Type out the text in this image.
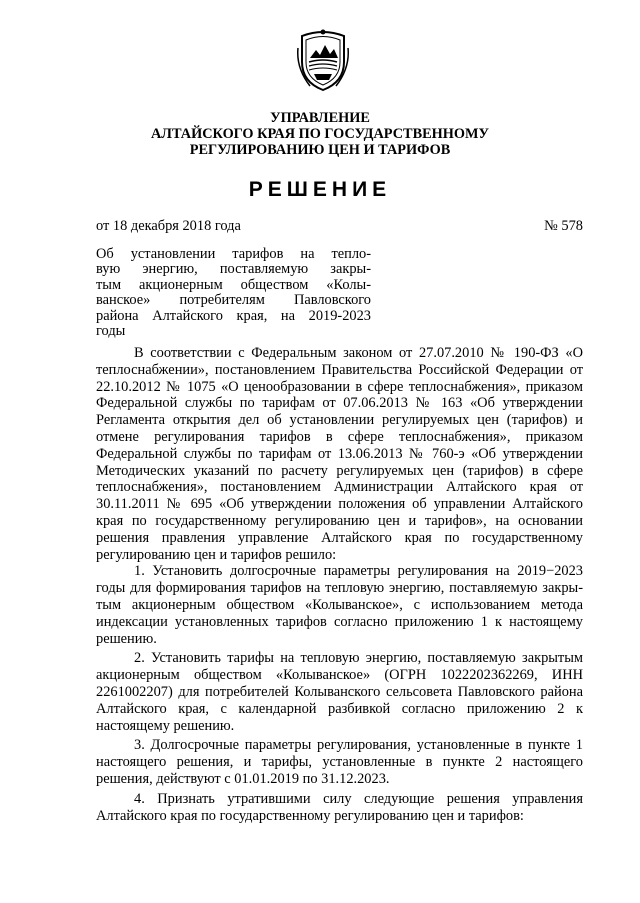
УПРАВЛЕНИЕ
АЛТАЙСКОГО КРАЯ ПО ГОСУДАРСТВЕННОМУ
РЕГУЛИРОВАНИЮ ЦЕН И ТАРИФОВ
РЕШЕНИЕ
от 18 декабря 2018 года	№ 578
Об установлении тарифов на тепло-
вую энергию, поставляемую закры-
тым акционерным обществом «Колы-
ванское» потребителям Павловского
района Алтайского края, на 2019-2023
годы
В соответствии с Федеральным законом от 27.07.2010 № 190-ФЗ «О
теплоснабжении», постановлением Правительства Российской Федерации от
22.10.2012 № 1075 «О ценообразовании в сфере теплоснабжения», приказом
Федеральной службы по тарифам от 07.06.2013 № 163 «Об утверждении
Регламента открытия дел об установлении регулируемых цен (тарифов) и
отмене регулирования тарифов в сфере теплоснабжения», приказом
Федеральной службы по тарифам от 13.06.2013 № 760-э «Об утверждении
Методических указаний по расчету регулируемых цен (тарифов) в сфере
теплоснабжения», постановлением Администрации Алтайского края от
30.11.2011 № 695 «Об утверждении положения об управлении Алтайского
края по государственному регулированию цен и тарифов», на основании
решения правления управление Алтайского края по государственному
регулированию цен и тарифов решило:
1. Установить долгосрочные параметры регулирования на 2019−2023
годы для формирования тарифов на тепловую энергию, поставляемую закры-
тым акционерным обществом «Колыванское», с использованием метода
индексации установленных тарифов согласно приложению 1 к настоящему
решению.
2. Установить тарифы на тепловую энергию, поставляемую закрытым
акционерным обществом «Колыванское» (ОГРН 1022202362269, ИНН
2261002207) для потребителей Колыванского сельсовета Павловского района
Алтайского края, с календарной разбивкой согласно приложению 2 к
настоящему решению.
3. Долгосрочные параметры регулирования, установленные в пункте 1
настоящего решения, и тарифы, установленные в пункте 2 настоящего
решения, действуют с 01.01.2019 по 31.12.2023.
4. Признать утратившими силу следующие решения управления
Алтайского края по государственному регулированию цен и тарифов:
